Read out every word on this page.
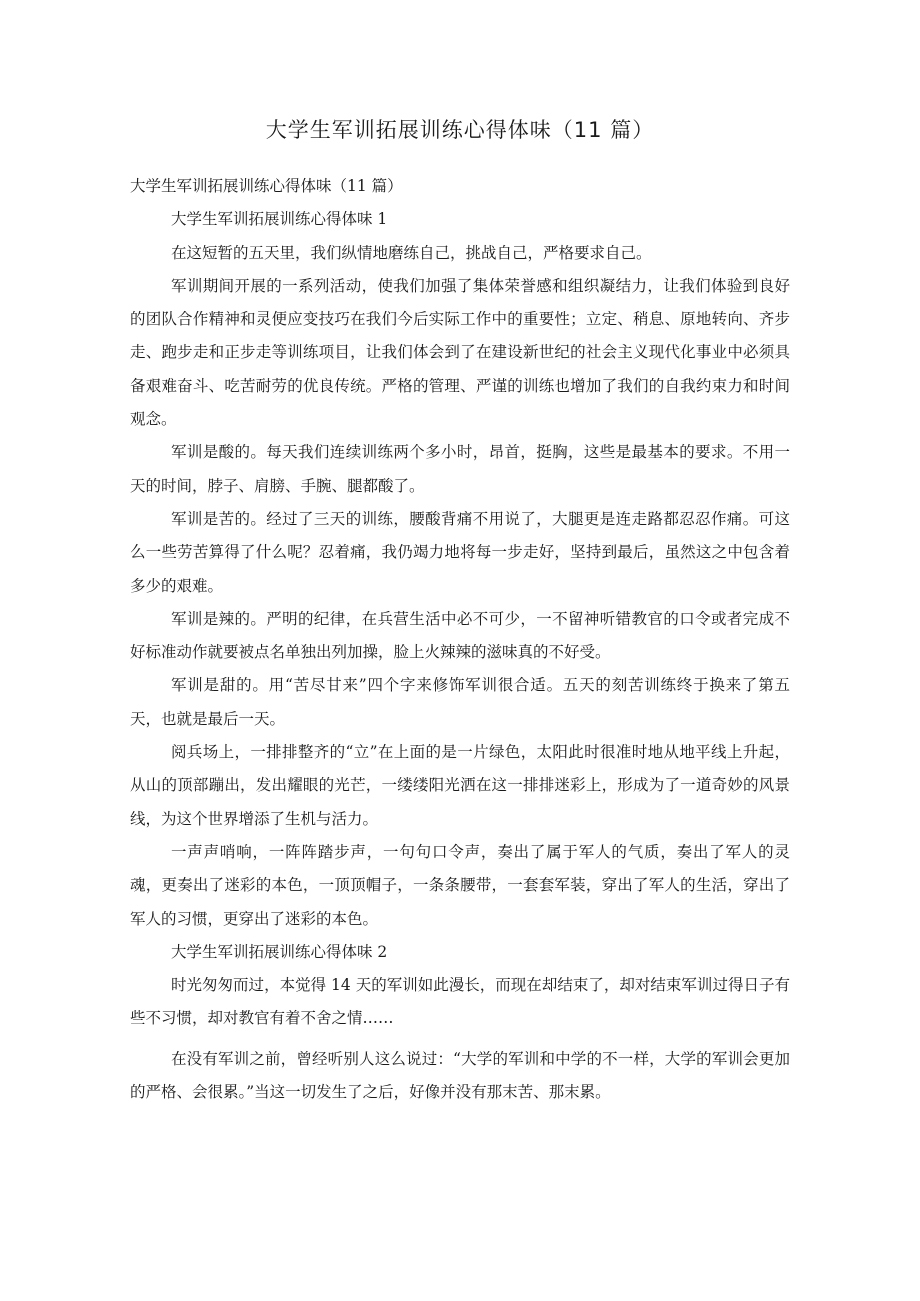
大学生军训拓展训练心得体味（11 篇）

大学生军训拓展训练心得体味（11 篇）

大学生军训拓展训练心得体味 1

在这短暂的五天里，我们纵情地磨练自己，挑战自己，严格要求自己。

军训期间开展的一系列活动，使我们加强了集体荣誉感和组织凝结力，让我们体验到良好的团队合作精神和灵便应变技巧在我们今后实际工作中的重要性；立定、稍息、原地转向、齐步走、跑步走和正步走等训练项目，让我们体会到了在建设新世纪的社会主义现代化事业中必须具备艰难奋斗、吃苦耐劳的优良传统。严格的管理、严谨的训练也增加了我们的自我约束力和时间观念。

军训是酸的。每天我们连续训练两个多小时，昂首，挺胸，这些是最基本的要求。不用一天的时间，脖子、肩膀、手腕、腿都酸了。

军训是苦的。经过了三天的训练，腰酸背痛不用说了，大腿更是连走路都忍忍作痛。可这么一些劳苦算得了什么呢？忍着痛，我仍竭力地将每一步走好，坚持到最后，虽然这之中包含着多少的艰难。

军训是辣的。严明的纪律，在兵营生活中必不可少，一不留神听错教官的口令或者完成不好标准动作就要被点名单独出列加操，脸上火辣辣的滋味真的不好受。

军训是甜的。用“苦尽甘来”四个字来修饰军训很合适。五天的刻苦训练终于换来了第五天，也就是最后一天。

阅兵场上，一排排整齐的“立”在上面的是一片绿色，太阳此时很准时地从地平线上升起，从山的顶部蹦出，发出耀眼的光芒，一缕缕阳光洒在这一排排迷彩上，形成为了一道奇妙的风景线，为这个世界增添了生机与活力。

一声声哨响，一阵阵踏步声，一句句口令声，奏出了属于军人的气质，奏出了军人的灵魂，更奏出了迷彩的本色，一顶顶帽子，一条条腰带，一套套军装，穿出了军人的生活，穿出了军人的习惯，更穿出了迷彩的本色。

大学生军训拓展训练心得体味 2

时光匆匆而过，本觉得 14 天的军训如此漫长，而现在却结束了，却对结束军训过得日子有些不习惯，却对教官有着不舍之情……

在没有军训之前，曾经听别人这么说过：“大学的军训和中学的不一样，大学的军训会更加的严格、会很累。”当这一切发生了之后，好像并没有那末苦、那末累。
